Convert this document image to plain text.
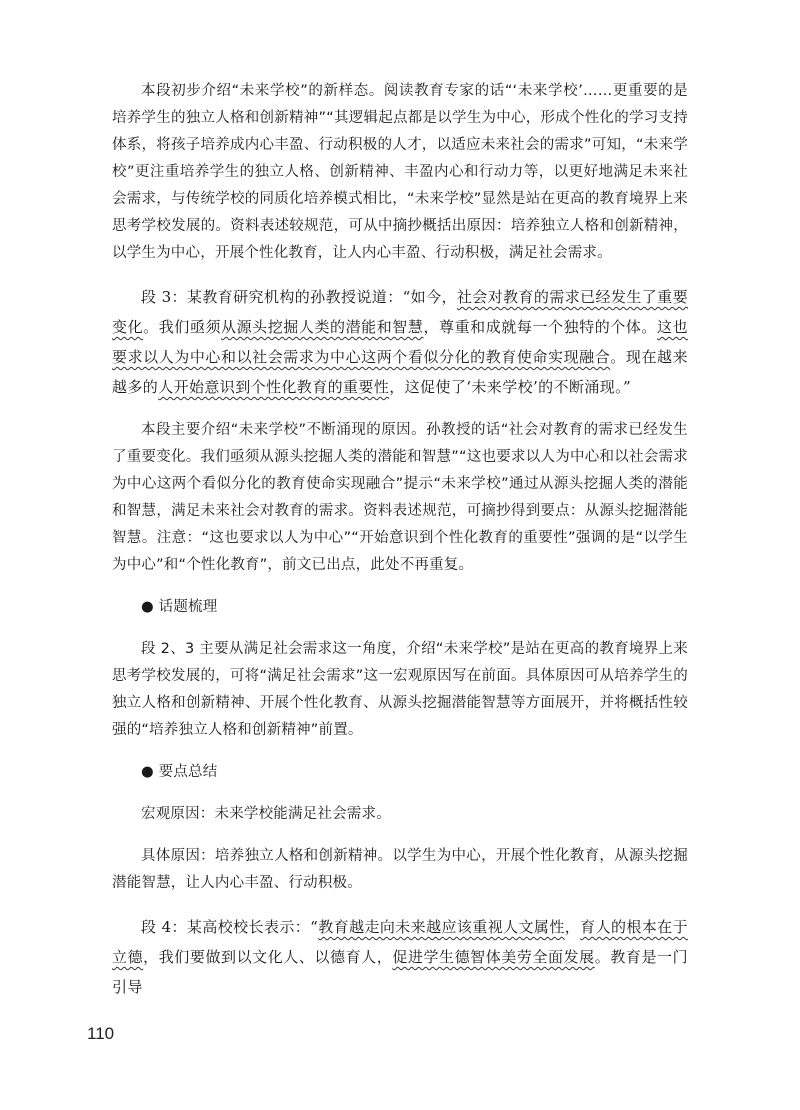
本段初步介绍“未来学校”的新样态。阅读教育专家的话“‘未来学校’……更重要的是培养学生的独立人格和创新精神”“其逻辑起点都是以学生为中心，形成个性化的学习支持体系，将孩子培养成内心丰盈、行动积极的人才，以适应未来社会的需求”可知，“未来学校”更注重培养学生的独立人格、创新精神、丰盈内心和行动力等，以更好地满足未来社会需求，与传统学校的同质化培养模式相比，“未来学校”显然是站在更高的教育境界上来思考学校发展的。资料表述较规范，可从中摘抄概括出原因：培养独立人格和创新精神，以学生为中心，开展个性化教育，让人内心丰盈、行动积极，满足社会需求。

段 3：某教育研究机构的孙教授说道：“如今，社会对教育的需求已经发生了重要变化。我们亟须从源头挖掘人类的潜能和智慧，尊重和成就每一个独特的个体。这也要求以人为中心和以社会需求为中心这两个看似分化的教育使命实现融合。现在越来越多的人开始意识到个性化教育的重要性，这促使了‘未来学校’的不断涌现。”

本段主要介绍“未来学校”不断涌现的原因。孙教授的话“社会对教育的需求已经发生了重要变化。我们亟须从源头挖掘人类的潜能和智慧”“这也要求以人为中心和以社会需求为中心这两个看似分化的教育使命实现融合”提示“未来学校”通过从源头挖掘人类的潜能和智慧，满足未来社会对教育的需求。资料表述规范，可摘抄得到要点：从源头挖掘潜能智慧。注意：“这也要求以人为中心”“开始意识到个性化教育的重要性”强调的是“以学生为中心”和“个性化教育”，前文已出点，此处不再重复。

● 话题梳理

段 2、3 主要从满足社会需求这一角度，介绍“未来学校”是站在更高的教育境界上来思考学校发展的，可将“满足社会需求”这一宏观原因写在前面。具体原因可从培养学生的独立人格和创新精神、开展个性化教育、从源头挖掘潜能智慧等方面展开，并将概括性较强的“培养独立人格和创新精神”前置。

● 要点总结

宏观原因：未来学校能满足社会需求。

具体原因：培养独立人格和创新精神。以学生为中心，开展个性化教育，从源头挖掘潜能智慧，让人内心丰盈、行动积极。

段 4：某高校校长表示：“教育越走向未来越应该重视人文属性，育人的根本在于立德，我们要做到以文化人、以德育人，促进学生德智体美劳全面发展。教育是一门引导

110
